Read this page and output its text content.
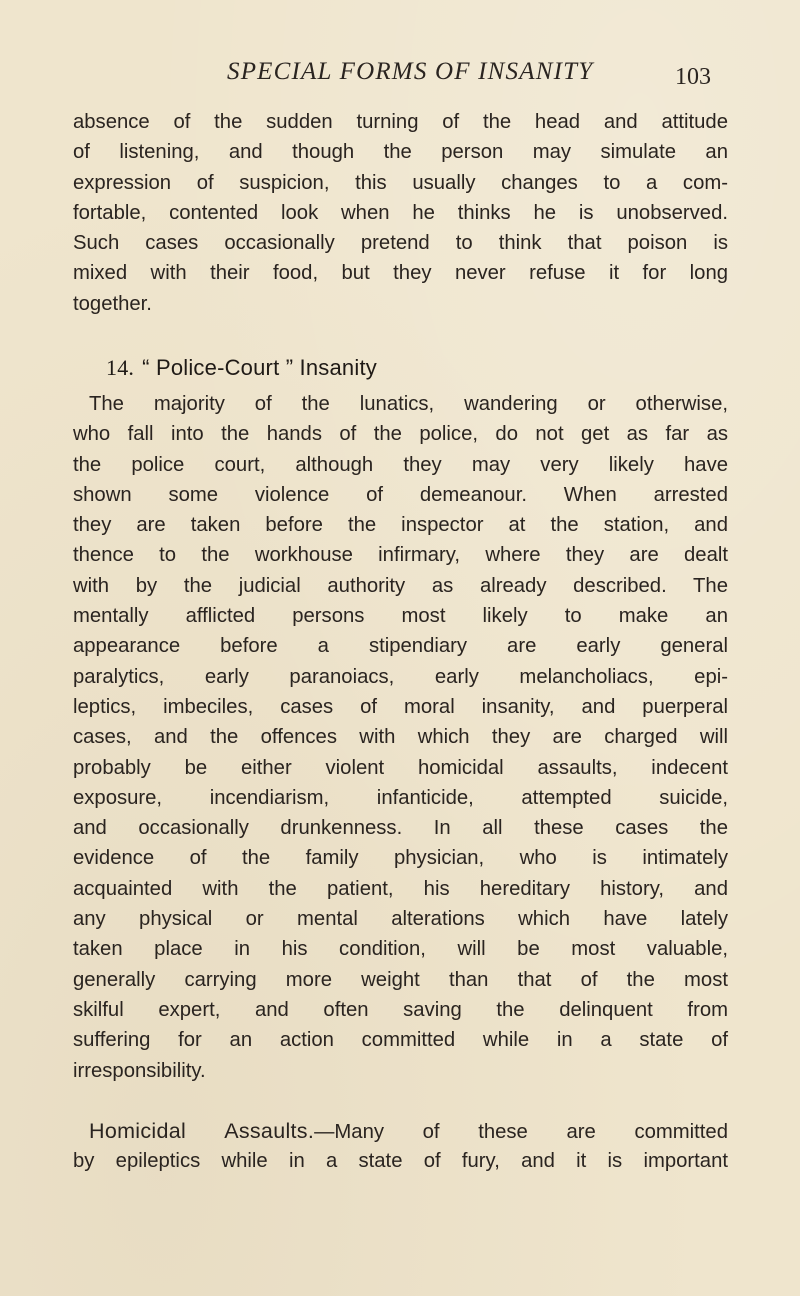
SPECIAL FORMS OF INSANITY	103
absence of the sudden turning of the head and attitude
of listening, and though the person may simulate an
expression of suspicion, this usually changes to a com-
fortable, contented look when he thinks he is unobserved.
Such cases occasionally pretend to think that poison is
mixed with their food, but they never refuse it for long
together.
14. “ Police-Court ” Insanity
The majority of the lunatics, wandering or otherwise,
who fall into the hands of the police, do not get as far as
the police court, although they may very likely have
shown some violence of demeanour. When arrested
they are taken before the inspector at the station, and
thence to the workhouse infirmary, where they are dealt
with by the judicial authority as already described. The
mentally afflicted persons most likely to make an
appearance before a stipendiary are early general
paralytics, early paranoiacs, early melancholiacs, epi-
leptics, imbeciles, cases of moral insanity, and puerperal
cases, and the offences with which they are charged will
probably be either violent homicidal assaults, indecent
exposure, incendiarism, infanticide, attempted suicide,
and occasionally drunkenness. In all these cases the
evidence of the family physician, who is intimately
acquainted with the patient, his hereditary history, and
any physical or mental alterations which have lately
taken place in his condition, will be most valuable,
generally carrying more weight than that of the most
skilful expert, and often saving the delinquent from
suffering for an action committed while in a state of
irresponsibility.
Homicidal Assaults.—Many of these are committed
by epileptics while in a state of fury, and it is important
